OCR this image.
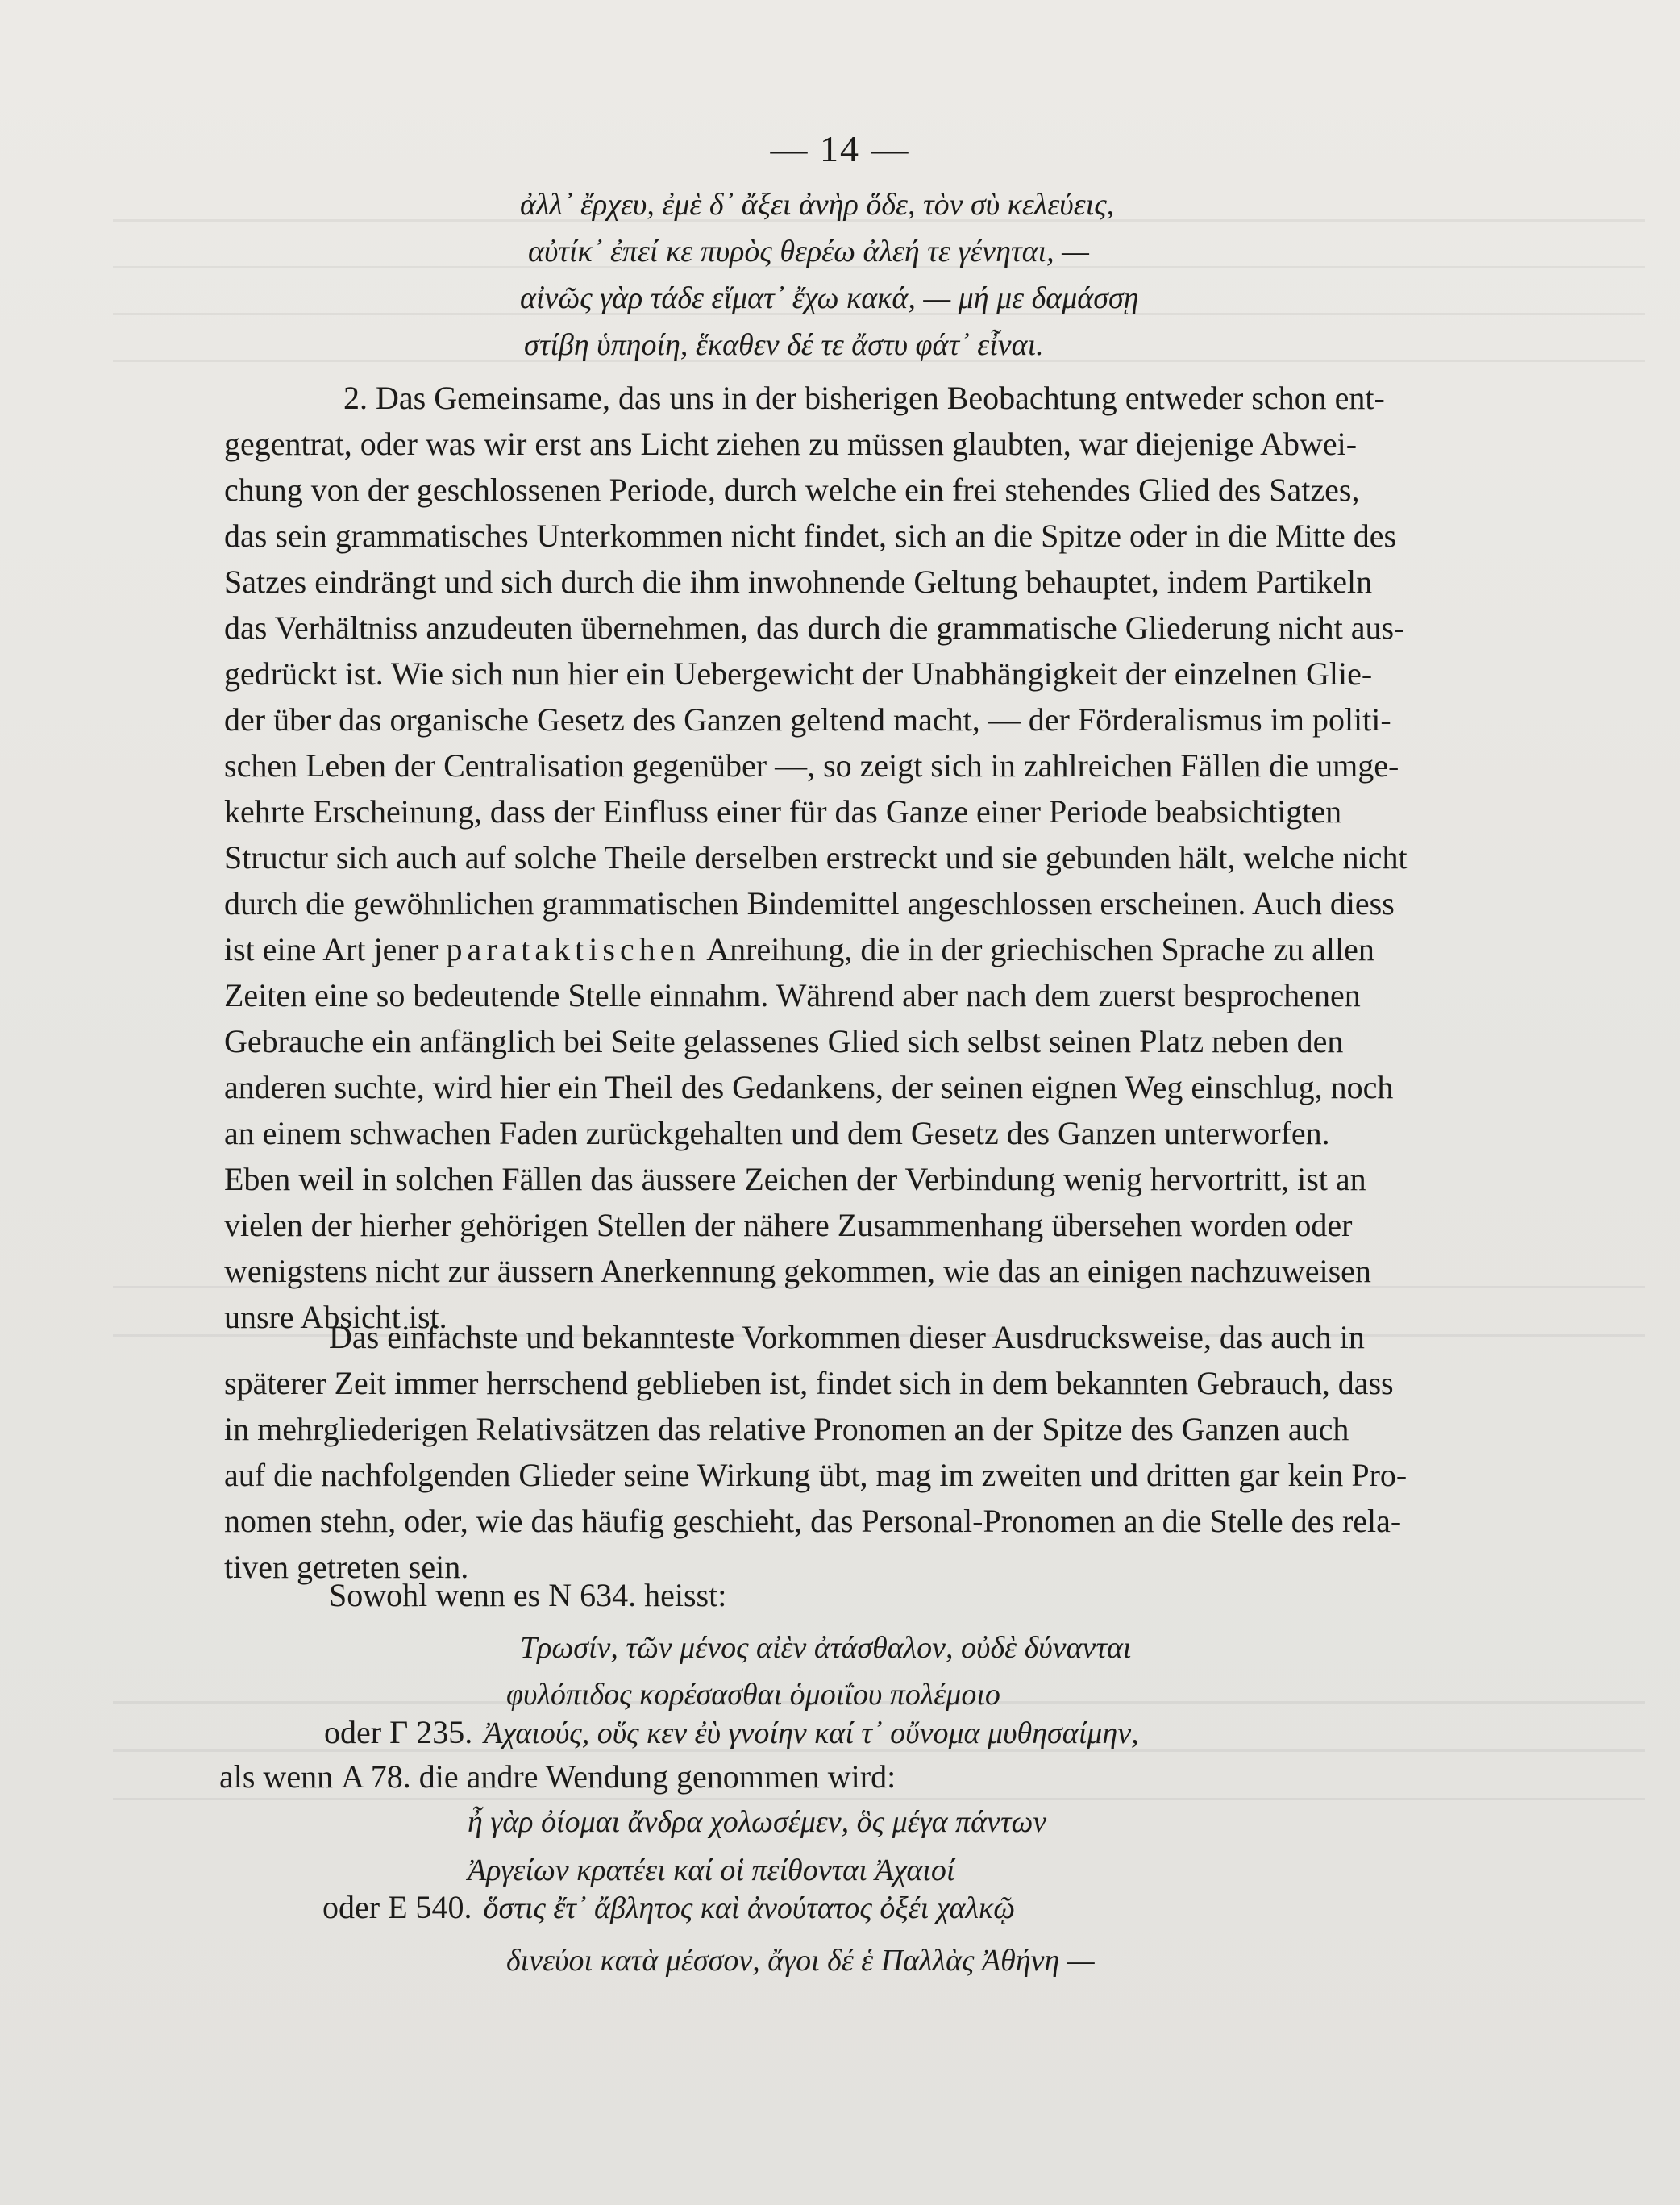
— 14 —
ἀλλ᾽ ἔρχευ, ἐμὲ δ᾽ ἄξει ἀνὴρ ὅδε, τὸν σὺ κελεύεις,
αὐτίκ᾽ ἐπεί κε πυρὸς θερέω ἀλεή τε γένηται, —
αἰνῶς γὰρ τάδε εἵματ᾽ ἔχω κακά, — μή με δαμάσσῃ
στίβη ὑπηοίη, ἕκαθεν δέ τε ἄστυ φάτ᾽ εἶναι.
2. Das Gemeinsame, das uns in der bisherigen Beobachtung entweder schon ent-
gegentrat, oder was wir erst ans Licht ziehen zu müssen glaubten, war diejenige Abwei-
chung von der geschlossenen Periode, durch welche ein frei stehendes Glied des Satzes,
das sein grammatisches Unterkommen nicht findet, sich an die Spitze oder in die Mitte des
Satzes eindrängt und sich durch die ihm inwohnende Geltung behauptet, indem Partikeln
das Verhältniss anzudeuten übernehmen, das durch die grammatische Gliederung nicht aus-
gedrückt ist. Wie sich nun hier ein Uebergewicht der Unabhängigkeit der einzelnen Glie-
der über das organische Gesetz des Ganzen geltend macht, — der Förderalismus im politi-
schen Leben der Centralisation gegenüber —, so zeigt sich in zahlreichen Fällen die umge-
kehrte Erscheinung, dass der Einfluss einer für das Ganze einer Periode beabsichtigten
Structur sich auch auf solche Theile derselben erstreckt und sie gebunden hält, welche nicht
durch die gewöhnlichen grammatischen Bindemittel angeschlossen erscheinen. Auch diess
ist eine Art jener parataktischen Anreihung, die in der griechischen Sprache zu allen
Zeiten eine so bedeutende Stelle einnahm. Während aber nach dem zuerst besprochenen
Gebrauche ein anfänglich bei Seite gelassenes Glied sich selbst seinen Platz neben den
anderen suchte, wird hier ein Theil des Gedankens, der seinen eignen Weg einschlug, noch
an einem schwachen Faden zurückgehalten und dem Gesetz des Ganzen unterworfen.
Eben weil in solchen Fällen das äussere Zeichen der Verbindung wenig hervortritt, ist an
vielen der hierher gehörigen Stellen der nähere Zusammenhang übersehen worden oder
wenigstens nicht zur äussern Anerkennung gekommen, wie das an einigen nachzuweisen
unsre Absicht ist.
Das einfachste und bekannteste Vorkommen dieser Ausdrucksweise, das auch in
späterer Zeit immer herrschend geblieben ist, findet sich in dem bekannten Gebrauch, dass
in mehrgliederigen Relativsätzen das relative Pronomen an der Spitze des Ganzen auch
auf die nachfolgenden Glieder seine Wirkung übt, mag im zweiten und dritten gar kein Pro-
nomen stehn, oder, wie das häufig geschieht, das Personal-Pronomen an die Stelle des rela-
tiven getreten sein.
Sowohl wenn es N 634. heisst:
Τρωσίν, τῶν μένος αἰὲν ἀτάσθαλον, οὐδὲ δύνανται
φυλόπιδος κορέσασθαι ὁμοιΐου πολέμοιο
oder Γ 235. Ἀχαιούς, οὕς κεν ἐὺ γνοίην καί τ᾽ οὔνομα μυθησαίμην,
als wenn Α 78. die andre Wendung genommen wird:
ἦ γὰρ ὀίομαι ἄνδρα χολωσέμεν, ὃς μέγα πάντων
Ἀργείων κρατέει καί οἱ πείθονται Ἀχαιοί
oder Ε 540. ὅστις ἔτ᾽ ἄβλητος καὶ ἀνούτατος ὀξέι χαλκῷ
δινεύοι κατὰ μέσσον, ἄγοι δέ ἑ Παλλὰς Ἀθήνη —
